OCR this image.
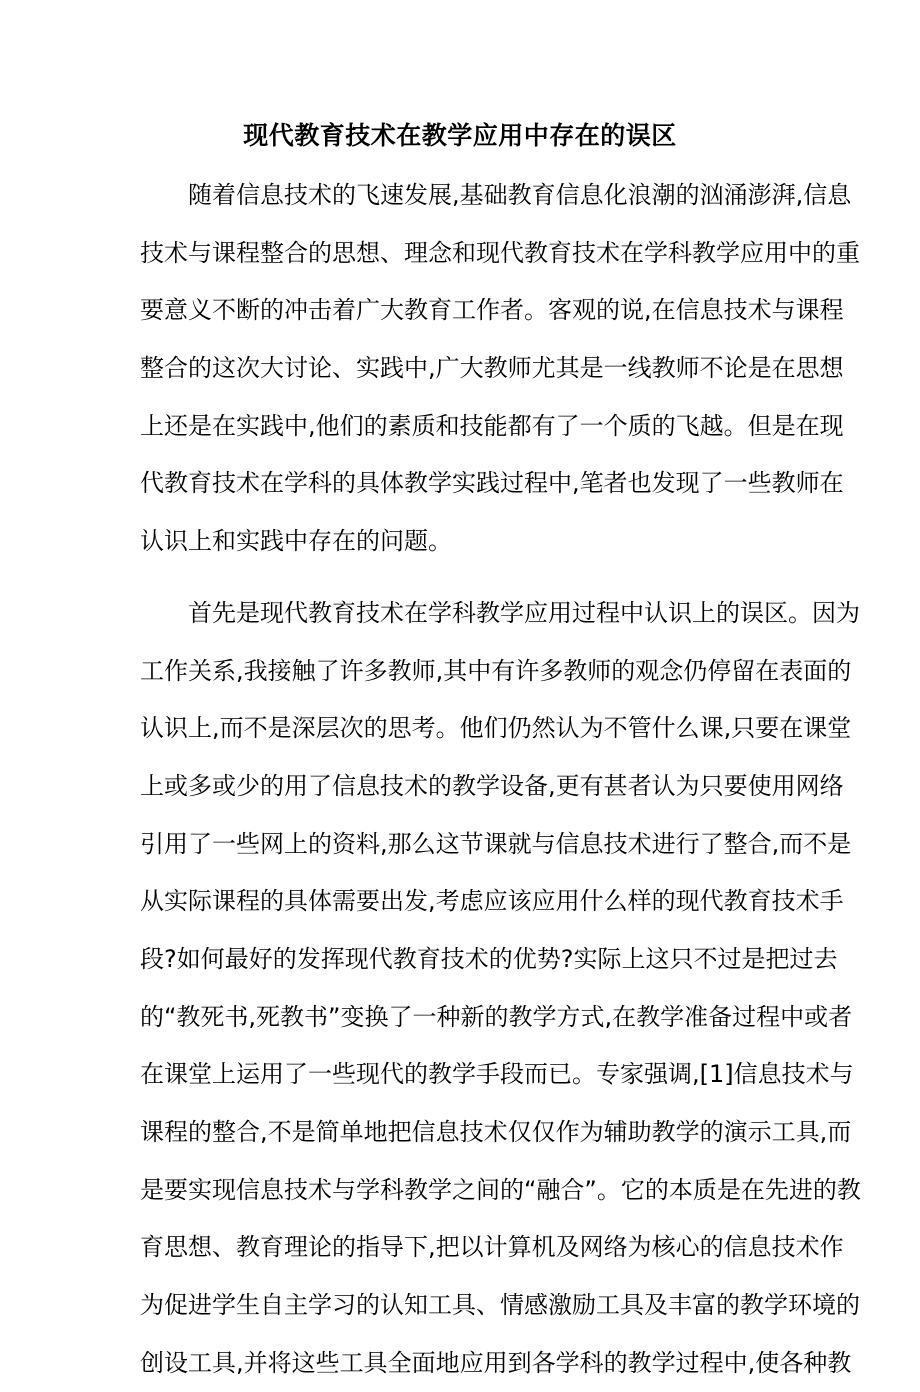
现代教育技术在教学应用中存在的误区
随着信息技术的飞速发展,基础教育信息化浪潮的汹涌澎湃,信息
技术与课程整合的思想、理念和现代教育技术在学科教学应用中的重
要意义不断的冲击着广大教育工作者。客观的说,在信息技术与课程
整合的这次大讨论、实践中,广大教师尤其是一线教师不论是在思想
上还是在实践中,他们的素质和技能都有了一个质的飞越。但是在现
代教育技术在学科的具体教学实践过程中,笔者也发现了一些教师在
认识上和实践中存在的问题。
首先是现代教育技术在学科教学应用过程中认识上的误区。因为
工作关系,我接触了许多教师,其中有许多教师的观念仍停留在表面的
认识上,而不是深层次的思考。他们仍然认为不管什么课,只要在课堂
上或多或少的用了信息技术的教学设备,更有甚者认为只要使用网络
引用了一些网上的资料,那么这节课就与信息技术进行了整合,而不是
从实际课程的具体需要出发,考虑应该应用什么样的现代教育技术手
段?如何最好的发挥现代教育技术的优势?实际上这只不过是把过去
的“教死书,死教书”变换了一种新的教学方式,在教学准备过程中或者
在课堂上运用了一些现代的教学手段而已。专家强调,[1]信息技术与
课程的整合,不是简单地把信息技术仅仅作为辅助教学的演示工具,而
是要实现信息技术与学科教学之间的“融合”。它的本质是在先进的教
育思想、教育理论的指导下,把以计算机及网络为核心的信息技术作
为促进学生自主学习的认知工具、情感激励工具及丰富的教学环境的
创设工具,并将这些工具全面地应用到各学科的教学过程中,使各种教
